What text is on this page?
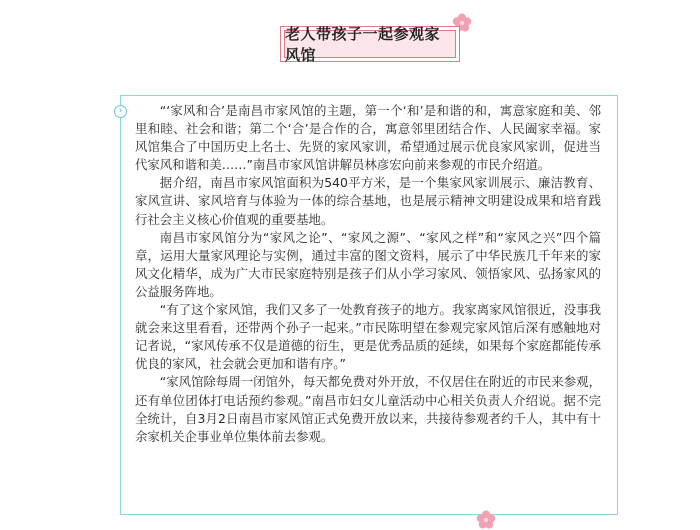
老人带孩子一起参观家风馆
›	“‘家风和合’是南昌市家风馆的主题，第一个‘和’是和谐的和，寓意家庭和美、邻里和睦、社会和谐；第二个‘合’是合作的合，寓意邻里团结合作、人民阖家幸福。家风馆集合了中国历史上名士、先贤的家风家训，希望通过展示优良家风家训，促进当代家风和谐和美……”南昌市家风馆讲解员林彦宏向前来参观的市民介绍道。

据介绍，南昌市家风馆面积为540平方米，是一个集家风家训展示、廉洁教育、家风宣讲、家风培育与体验为一体的综合基地，也是展示精神文明建设成果和培育践行社会主义核心价值观的重要基地。

南昌市家风馆分为“家风之论”、“家风之源”、“家风之样”和“家风之兴”四个篇章，运用大量家风理论与实例，通过丰富的图文资料，展示了中华民族几千年来的家风文化精华，成为广大市民家庭特别是孩子们从小学习家风、领悟家风、弘扬家风的公益服务阵地。

“有了这个家风馆，我们又多了一处教育孩子的地方。我家离家风馆很近，没事我就会来这里看看，还带两个孙子一起来。”市民陈明望在参观完家风馆后深有感触地对记者说，“家风传承不仅是道德的衍生，更是优秀品质的延续，如果每个家庭都能传承优良的家风，社会就会更加和谐有序。”

“家风馆除每周一闭馆外，每天都免费对外开放，不仅居住在附近的市民来参观，还有单位团体打电话预约参观。”南昌市妇女儿童活动中心相关负责人介绍说。据不完全统计，自3月2日南昌市家风馆正式免费开放以来，共接待参观者约千人，其中有十余家机关企事业单位集体前去参观。
